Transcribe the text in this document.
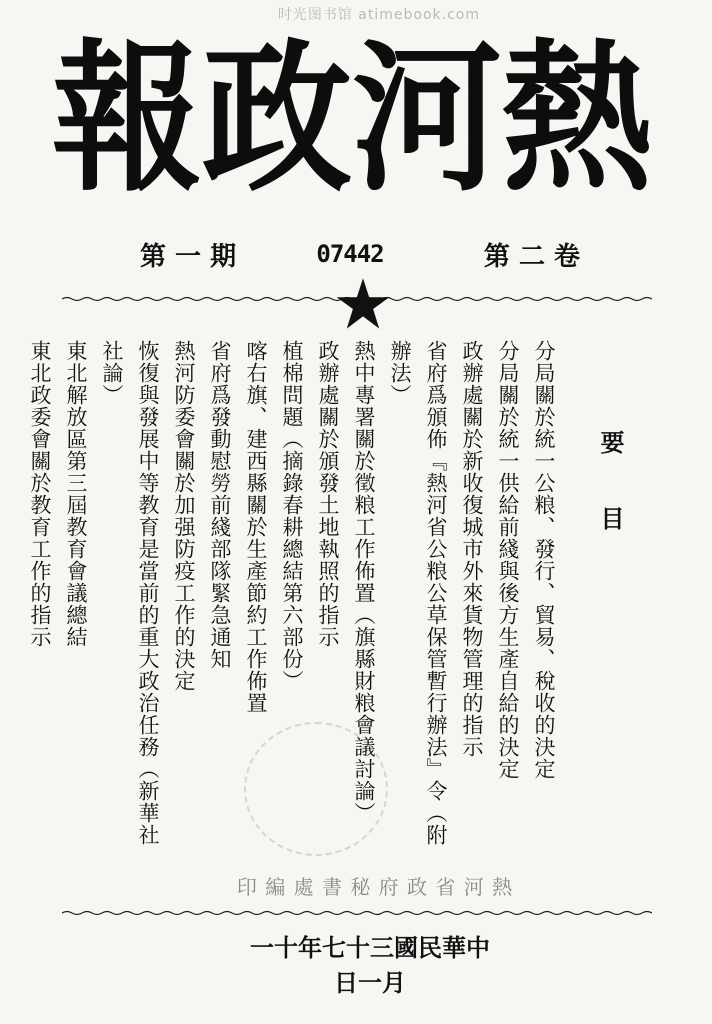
时光图书馆 atimebook.com
熱
河
政
報
第 二 卷
07442
第 一 期
要目
分局關於統一公粮、發行、貿易、稅收的決定
分局關於統一供給前綫與後方生產自給的決定
政辦處關於新收復城市外來貨物管理的指示
省府爲頒佈『熱河省公粮公草保管暫行辦法』令（附辦法）
熱中專署關於徵粮工作佈置（旗縣財粮會議討論）
政辦處關於頒發土地執照的指示
植棉問題（摘錄春耕總結第六部份）
喀右旗、建西縣關於生產節約工作佈置
省府爲發動慰勞前綫部隊緊急通知
熱河防委會關於加强防疫工作的決定
恢復與發展中等教育是當前的重大政治任務（新華社社論）
東北解放區第三屆教育會議總結
東北政委會關於教育工作的指示
熱 河 省 政 府 秘 書 處 編 印
中華民國三十七年十一月一日
